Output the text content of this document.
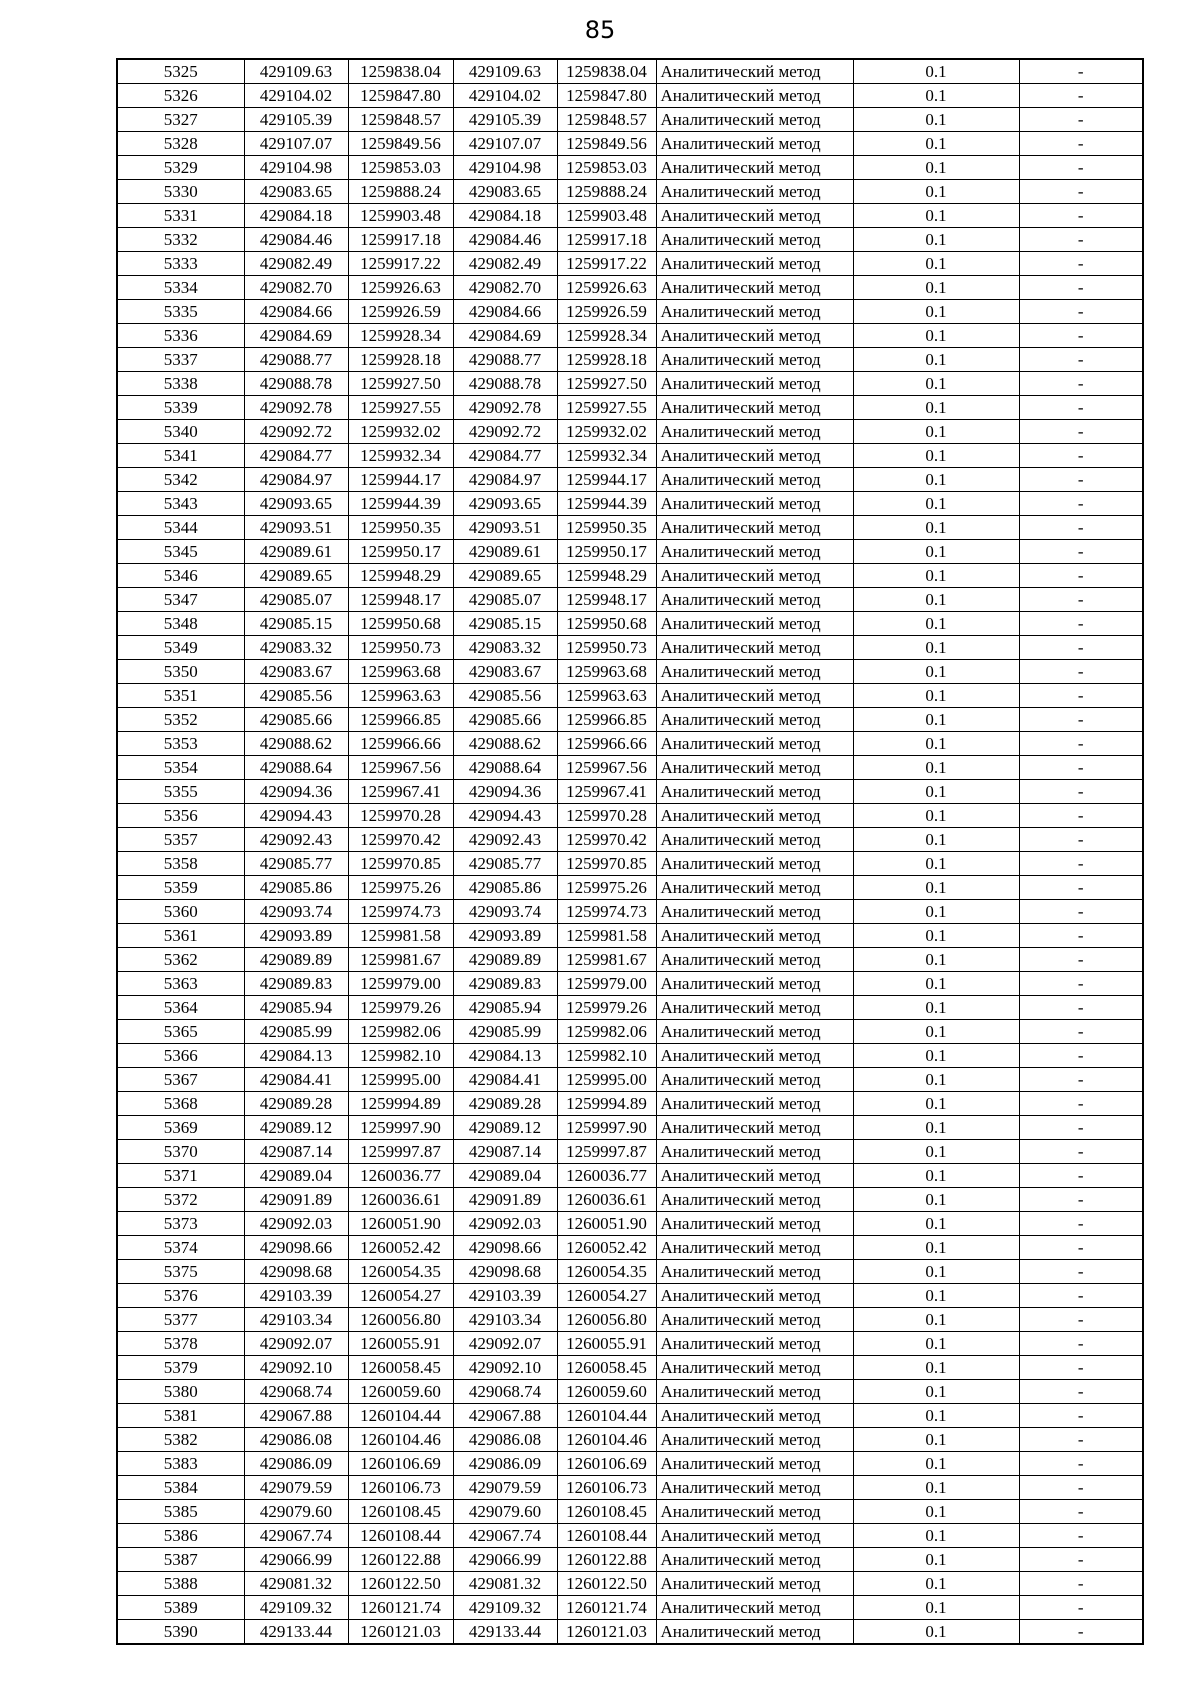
85
5325	429109.63	1259838.04	429109.63	1259838.04	Аналитический метод	0.1	-
5326	429104.02	1259847.80	429104.02	1259847.80	Аналитический метод	0.1	-
5327	429105.39	1259848.57	429105.39	1259848.57	Аналитический метод	0.1	-
5328	429107.07	1259849.56	429107.07	1259849.56	Аналитический метод	0.1	-
5329	429104.98	1259853.03	429104.98	1259853.03	Аналитический метод	0.1	-
5330	429083.65	1259888.24	429083.65	1259888.24	Аналитический метод	0.1	-
5331	429084.18	1259903.48	429084.18	1259903.48	Аналитический метод	0.1	-
5332	429084.46	1259917.18	429084.46	1259917.18	Аналитический метод	0.1	-
5333	429082.49	1259917.22	429082.49	1259917.22	Аналитический метод	0.1	-
5334	429082.70	1259926.63	429082.70	1259926.63	Аналитический метод	0.1	-
5335	429084.66	1259926.59	429084.66	1259926.59	Аналитический метод	0.1	-
5336	429084.69	1259928.34	429084.69	1259928.34	Аналитический метод	0.1	-
5337	429088.77	1259928.18	429088.77	1259928.18	Аналитический метод	0.1	-
5338	429088.78	1259927.50	429088.78	1259927.50	Аналитический метод	0.1	-
5339	429092.78	1259927.55	429092.78	1259927.55	Аналитический метод	0.1	-
5340	429092.72	1259932.02	429092.72	1259932.02	Аналитический метод	0.1	-
5341	429084.77	1259932.34	429084.77	1259932.34	Аналитический метод	0.1	-
5342	429084.97	1259944.17	429084.97	1259944.17	Аналитический метод	0.1	-
5343	429093.65	1259944.39	429093.65	1259944.39	Аналитический метод	0.1	-
5344	429093.51	1259950.35	429093.51	1259950.35	Аналитический метод	0.1	-
5345	429089.61	1259950.17	429089.61	1259950.17	Аналитический метод	0.1	-
5346	429089.65	1259948.29	429089.65	1259948.29	Аналитический метод	0.1	-
5347	429085.07	1259948.17	429085.07	1259948.17	Аналитический метод	0.1	-
5348	429085.15	1259950.68	429085.15	1259950.68	Аналитический метод	0.1	-
5349	429083.32	1259950.73	429083.32	1259950.73	Аналитический метод	0.1	-
5350	429083.67	1259963.68	429083.67	1259963.68	Аналитический метод	0.1	-
5351	429085.56	1259963.63	429085.56	1259963.63	Аналитический метод	0.1	-
5352	429085.66	1259966.85	429085.66	1259966.85	Аналитический метод	0.1	-
5353	429088.62	1259966.66	429088.62	1259966.66	Аналитический метод	0.1	-
5354	429088.64	1259967.56	429088.64	1259967.56	Аналитический метод	0.1	-
5355	429094.36	1259967.41	429094.36	1259967.41	Аналитический метод	0.1	-
5356	429094.43	1259970.28	429094.43	1259970.28	Аналитический метод	0.1	-
5357	429092.43	1259970.42	429092.43	1259970.42	Аналитический метод	0.1	-
5358	429085.77	1259970.85	429085.77	1259970.85	Аналитический метод	0.1	-
5359	429085.86	1259975.26	429085.86	1259975.26	Аналитический метод	0.1	-
5360	429093.74	1259974.73	429093.74	1259974.73	Аналитический метод	0.1	-
5361	429093.89	1259981.58	429093.89	1259981.58	Аналитический метод	0.1	-
5362	429089.89	1259981.67	429089.89	1259981.67	Аналитический метод	0.1	-
5363	429089.83	1259979.00	429089.83	1259979.00	Аналитический метод	0.1	-
5364	429085.94	1259979.26	429085.94	1259979.26	Аналитический метод	0.1	-
5365	429085.99	1259982.06	429085.99	1259982.06	Аналитический метод	0.1	-
5366	429084.13	1259982.10	429084.13	1259982.10	Аналитический метод	0.1	-
5367	429084.41	1259995.00	429084.41	1259995.00	Аналитический метод	0.1	-
5368	429089.28	1259994.89	429089.28	1259994.89	Аналитический метод	0.1	-
5369	429089.12	1259997.90	429089.12	1259997.90	Аналитический метод	0.1	-
5370	429087.14	1259997.87	429087.14	1259997.87	Аналитический метод	0.1	-
5371	429089.04	1260036.77	429089.04	1260036.77	Аналитический метод	0.1	-
5372	429091.89	1260036.61	429091.89	1260036.61	Аналитический метод	0.1	-
5373	429092.03	1260051.90	429092.03	1260051.90	Аналитический метод	0.1	-
5374	429098.66	1260052.42	429098.66	1260052.42	Аналитический метод	0.1	-
5375	429098.68	1260054.35	429098.68	1260054.35	Аналитический метод	0.1	-
5376	429103.39	1260054.27	429103.39	1260054.27	Аналитический метод	0.1	-
5377	429103.34	1260056.80	429103.34	1260056.80	Аналитический метод	0.1	-
5378	429092.07	1260055.91	429092.07	1260055.91	Аналитический метод	0.1	-
5379	429092.10	1260058.45	429092.10	1260058.45	Аналитический метод	0.1	-
5380	429068.74	1260059.60	429068.74	1260059.60	Аналитический метод	0.1	-
5381	429067.88	1260104.44	429067.88	1260104.44	Аналитический метод	0.1	-
5382	429086.08	1260104.46	429086.08	1260104.46	Аналитический метод	0.1	-
5383	429086.09	1260106.69	429086.09	1260106.69	Аналитический метод	0.1	-
5384	429079.59	1260106.73	429079.59	1260106.73	Аналитический метод	0.1	-
5385	429079.60	1260108.45	429079.60	1260108.45	Аналитический метод	0.1	-
5386	429067.74	1260108.44	429067.74	1260108.44	Аналитический метод	0.1	-
5387	429066.99	1260122.88	429066.99	1260122.88	Аналитический метод	0.1	-
5388	429081.32	1260122.50	429081.32	1260122.50	Аналитический метод	0.1	-
5389	429109.32	1260121.74	429109.32	1260121.74	Аналитический метод	0.1	-
5390	429133.44	1260121.03	429133.44	1260121.03	Аналитический метод	0.1	-
